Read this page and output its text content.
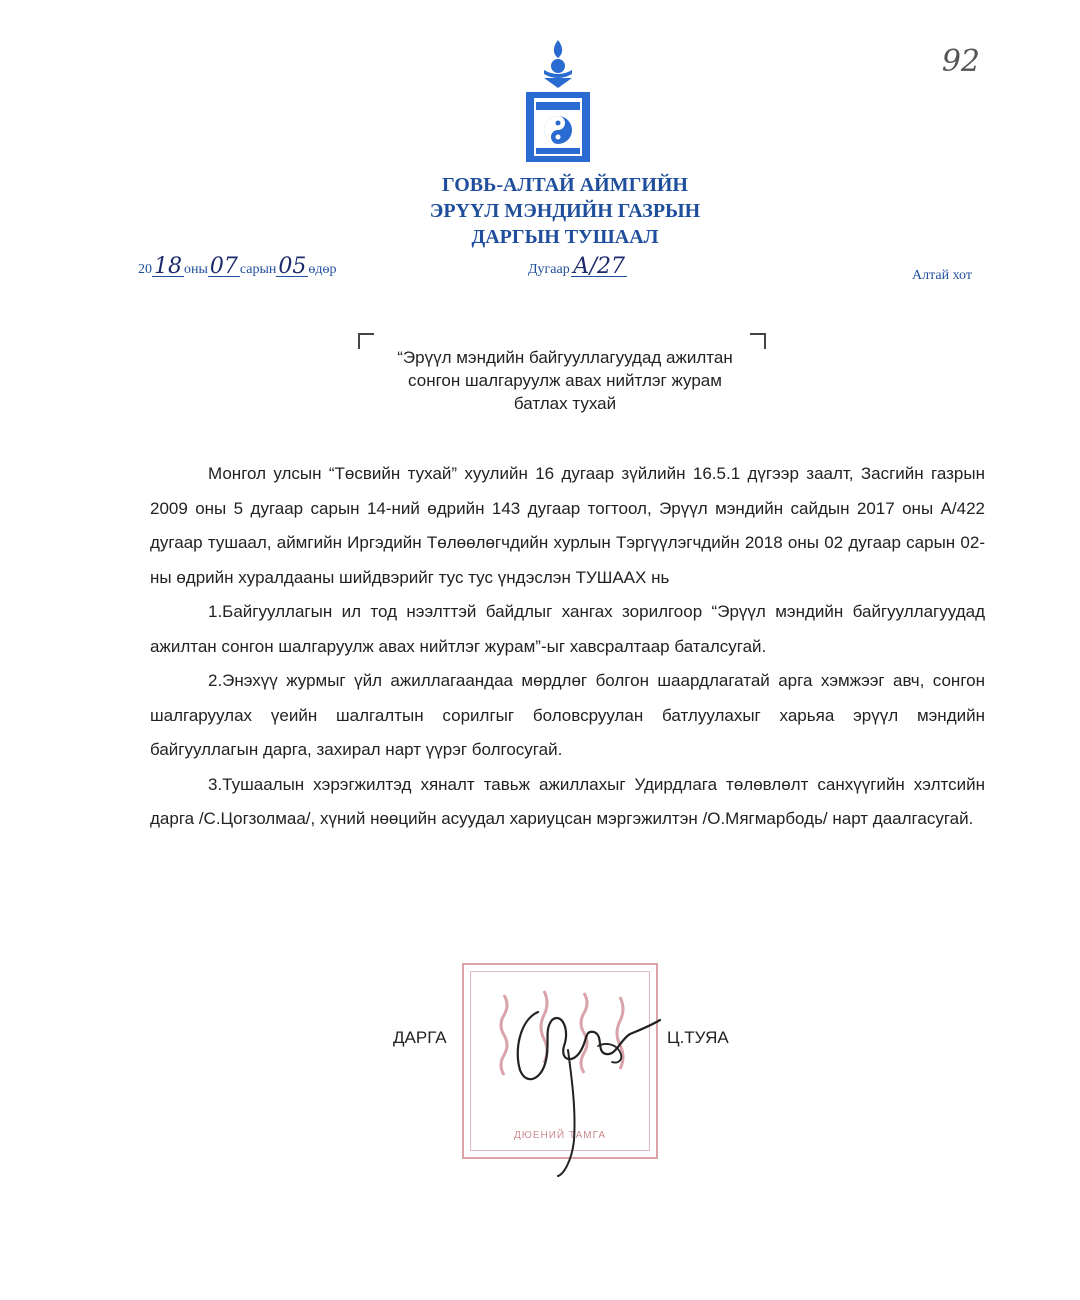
92
ГОВЬ-АЛТАЙ АЙМГИЙН
ЭРҮҮЛ МЭНДИЙН ГАЗРЫН
ДАРГЫН ТУШААЛ
2018 оны07 сарын05 өдөр	Дугаар  А/27	Алтай хот
“Эрүүл мэндийн байгууллагуудад ажилтан
сонгон шалгаруулж авах нийтлэг журам
батлах тухай

Монгол улсын “Төсвийн тухай” хуулийн 16 дугаар зүйлийн 16.5.1 дүгээр заалт, Засгийн газрын 2009 оны 5 дугаар сарын 14-ний өдрийн 143 дугаар тогтоол, Эрүүл мэндийн сайдын 2017 оны А/422 дугаар тушаал, аймгийн Иргэдийн Төлөөлөгчдийн хурлын Тэргүүлэгчдийн 2018 оны 02 дугаар сарын 02-ны өдрийн хуралдааны шийдвэрийг тус тус үндэслэн ТУШААХ нь

1.Байгууллагын ил тод нээлттэй байдлыг хангах зорилгоор “Эрүүл мэндийн байгууллагуудад ажилтан сонгон шалгаруулж авах нийтлэг журам”-ыг хавсралтаар баталсугай.

2.Энэхүү журмыг үйл ажиллагаандаа мөрдлөг болгон шаардлагатай арга хэмжээг авч, сонгон шалгаруулах үеийн шалгалтын сорилгыг боловсруулан батлуулахыг харьяа эрүүл мэндийн байгууллагын дарга, захирал нарт үүрэг болгосугай.

3.Тушаалын хэрэгжилтэд хяналт тавьж ажиллахыг Удирдлага төлөвлөлт санхүүгийн хэлтсийн дарга /С.Цогзолмаа/, хүний нөөцийн асуудал хариуцсан мэргэжилтэн /О.Мягмарбодь/ нарт даалгасугай.

ДЮЕНИЙ ТАМГА
ДАРГА	Ц.ТУЯА
